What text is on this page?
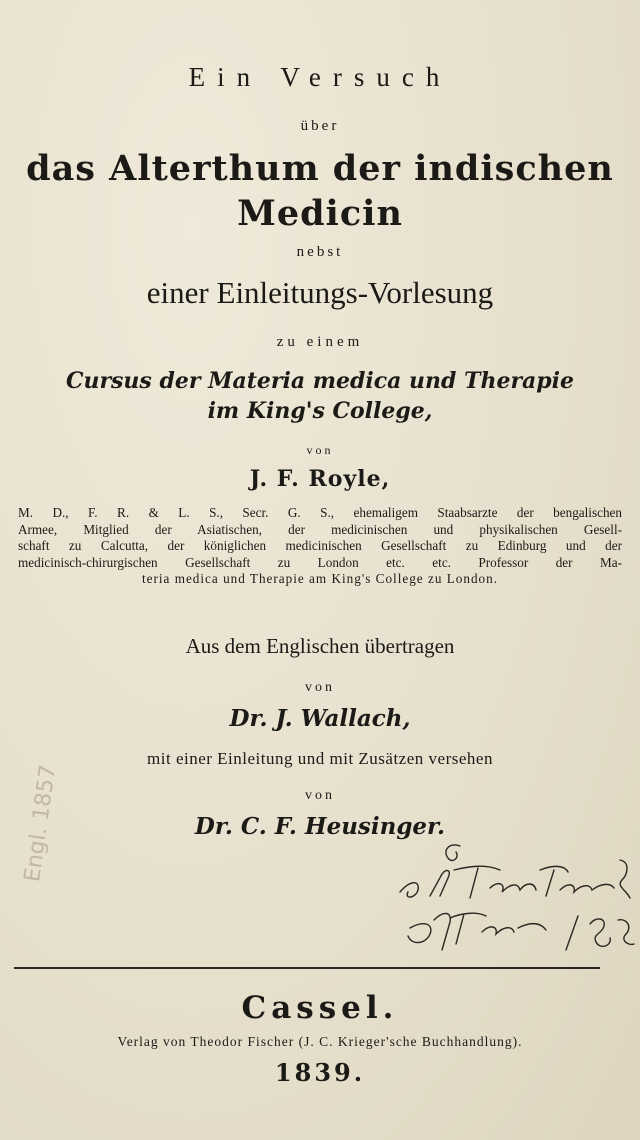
Ein Versuch
über
das Alterthum der indischen
Medicin
nebst
einer Einleitungs-Vorlesung
zu einem
Cursus der Materia medica und Therapie
im King's College,
von
J. F. Royle,
M. D., F. R. & L. S., Secr. G. S., ehemaligem Staabsarzte der bengalischen
Armee, Mitglied der Asiatischen, der medicinischen und physikalischen Gesell-
schaft zu Calcutta, der königlichen medicinischen Gesellschaft zu Edinburg und der
medicinisch-chirurgischen Gesellschaft zu London etc. etc. Professor der Ma-
teria medica und Therapie am King's College zu London.
Aus dem Englischen übertragen
von
Dr. J. Wallach,
mit einer Einleitung und mit Zusätzen versehen
von
Dr. C. F. Heusinger.
Engl. 1857
Cassel.
Verlag von Theodor Fischer (J. C. Krieger'sche Buchhandlung).
1839.
